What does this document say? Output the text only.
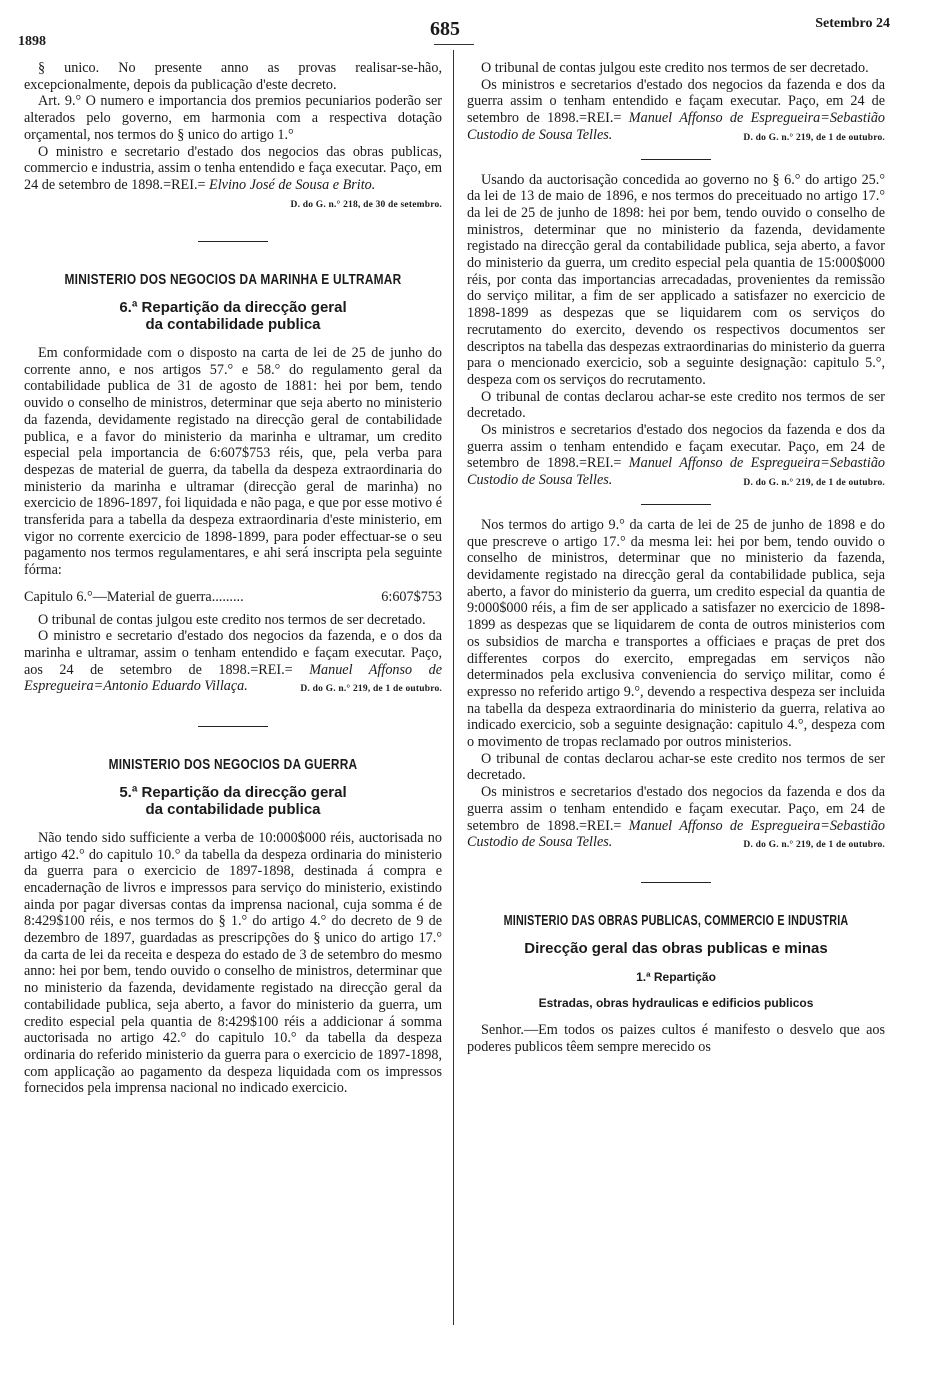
1898
685	Setembro 24

§ unico. No presente anno as provas realisar-se-hão, excepcionalmente, depois da publicação d'este decreto.

Art. 9.° O numero e importancia dos premios pecuniarios poderão ser alterados pelo governo, em harmonia com a respectiva dotação orçamental, nos termos do § unico do artigo 1.°

O ministro e secretario d'estado dos negocios das obras publicas, commercio e industria, assim o tenha entendido e faça executar. Paço, em 24 de setembro de 1898.=REI.= Elvino José de Sousa e Brito.
D. do G. n.° 218, de 30 de setembro.

MINISTERIO DOS NEGOCIOS DA MARINHA E ULTRAMAR
6.ª Repartição da direcção geral
da contabilidade publica

Em conformidade com o disposto na carta de lei de 25 de junho do corrente anno, e nos artigos 57.° e 58.° do regulamento geral da contabilidade publica de 31 de agosto de 1881: hei por bem, tendo ouvido o conselho de ministros, determinar que seja aberto no ministerio da fazenda, devidamente registado na direcção geral de contabilidade publica, e a favor do ministerio da marinha e ultramar, um credito especial pela importancia de 6:607$753 réis, que, pela verba para despezas de material de guerra, da tabella da despeza extraordinaria do ministerio da marinha e ultramar (direcção geral de marinha) no exercicio de 1896-1897, foi liquidada e não paga, e que por esse motivo é transferida para a tabella da despeza extraordinaria d'este ministerio, em vigor no corrente exercicio de 1898-1899, para poder effectuar-se o seu pagamento nos termos regulamentares, e ahi será inscripta pela seguinte fórma:

Capitulo 6.°—Material de guerra .........	6:607$753

O tribunal de contas julgou este credito nos termos de ser decretado.

O ministro e secretario d'estado dos negocios da fazenda, e o dos da marinha e ultramar, assim o tenham entendido e façam executar. Paço, aos 24 de setembro de 1898.=REI.= Manuel Affonso de Espregueira=Antonio Eduardo Villaça.	D. do G. n.° 219, de 1 de outubro.

MINISTERIO DOS NEGOCIOS DA GUERRA
5.ª Repartição da direcção geral
da contabilidade publica

Não tendo sido sufficiente a verba de 10:000$000 réis, auctorisada no artigo 42.° do capitulo 10.° da tabella da despeza ordinaria do ministerio da guerra para o exercicio de 1897-1898, destinada á compra e encadernação de livros e impressos para serviço do ministerio, existindo ainda por pagar diversas contas da imprensa nacional, cuja somma é de 8:429$100 réis, e nos termos do § 1.° do artigo 4.° do decreto de 9 de dezembro de 1897, guardadas as prescripções do § unico do artigo 17.° da carta de lei da receita e despeza do estado de 3 de setembro do mesmo anno: hei por bem, tendo ouvido o conselho de ministros, determinar que no ministerio da fazenda, devidamente registado na direcção geral da contabilidade publica, seja aberto, a favor do ministerio da guerra, um credito especial pela quantia de 8:429$100 réis a addicionar á somma auctorisada no artigo 42.° do capitulo 10.° da tabella da despeza ordinaria do referido ministerio da guerra para o exercicio de 1897-1898, com applicação ao pagamento da despeza liquidada com os impressos fornecidos pela imprensa nacional no indicado exercicio.

O tribunal de contas julgou este credito nos termos de ser decretado.

Os ministros e secretarios d'estado dos negocios da fazenda e dos da guerra assim o tenham entendido e façam executar. Paço, em 24 de setembro de 1898.=REI.= Manuel Affonso de Espregueira=Sebastião Custodio de Sousa Telles.	D. do G. n.° 219, de 1 de outubro.

Usando da auctorisação concedida ao governo no § 6.° do artigo 25.° da lei de 13 de maio de 1896, e nos termos do preceituado no artigo 17.° da lei de 25 de junho de 1898: hei por bem, tendo ouvido o conselho de ministros, determinar que no ministerio da fazenda, devidamente registado na direcção geral da contabilidade publica, seja aberto, a favor do ministerio da guerra, um credito especial pela quantia de 15:000$000 réis, por conta das importancias arrecadadas, provenientes da remissão do serviço militar, a fim de ser applicado a satisfazer no exercicio de 1898-1899 as despezas que se liquidarem com os serviços do recrutamento do exercito, devendo os respectivos documentos ser descriptos na tabella das despezas extraordinarias do ministerio da guerra para o mencionado exercicio, sob a seguinte designação: capitulo 5.°, despeza com os serviços do recrutamento.

O tribunal de contas declarou achar-se este credito nos termos de ser decretado.

Os ministros e secretarios d'estado dos negocios da fazenda e dos da guerra assim o tenham entendido e façam executar. Paço, em 24 de setembro de 1898.=REI.= Manuel Affonso de Espregueira=Sebastião Custodio de Sousa Telles.	D. do G. n.° 219, de 1 de outubro.

Nos termos do artigo 9.° da carta de lei de 25 de junho de 1898 e do que prescreve o artigo 17.° da mesma lei: hei por bem, tendo ouvido o conselho de ministros, determinar que no ministerio da fazenda, devidamente registado na direcção geral da contabilidade publica, seja aberto, a favor do ministerio da guerra, um credito especial da quantia de 9:000$000 réis, a fim de ser applicado a satisfazer no exercicio de 1898-1899 as despezas que se liquidarem de conta de outros ministerios com os subsidios de marcha e transportes a officiaes e praças de pret dos differentes corpos do exercito, empregadas em serviços não determinados pela exclusiva conveniencia do serviço militar, como é expresso no referido artigo 9.°, devendo a respectiva despeza ser incluida na tabella da despeza extraordinaria do ministerio da guerra, relativa ao indicado exercicio, sob a seguinte designação: capitulo 4.°, despeza com o movimento de tropas reclamado por outros ministerios.

O tribunal de contas declarou achar-se este credito nos termos de ser decretado.

Os ministros e secretarios d'estado dos negocios da fazenda e dos da guerra assim o tenham entendido e façam executar. Paço, em 24 de setembro de 1898.=REI.= Manuel Affonso de Espregueira=Sebastião Custodio de Sousa Telles.	D. do G. n.° 219, de 1 de outubro.

MINISTERIO DAS OBRAS PUBLICAS, COMMERCIO E INDUSTRIA
Direcção geral das obras publicas e minas
1.ª Repartição
Estradas, obras hydraulicas e edificios publicos

Senhor.—Em todos os paizes cultos é manifesto o desvelo que aos poderes publicos têem sempre merecido os
